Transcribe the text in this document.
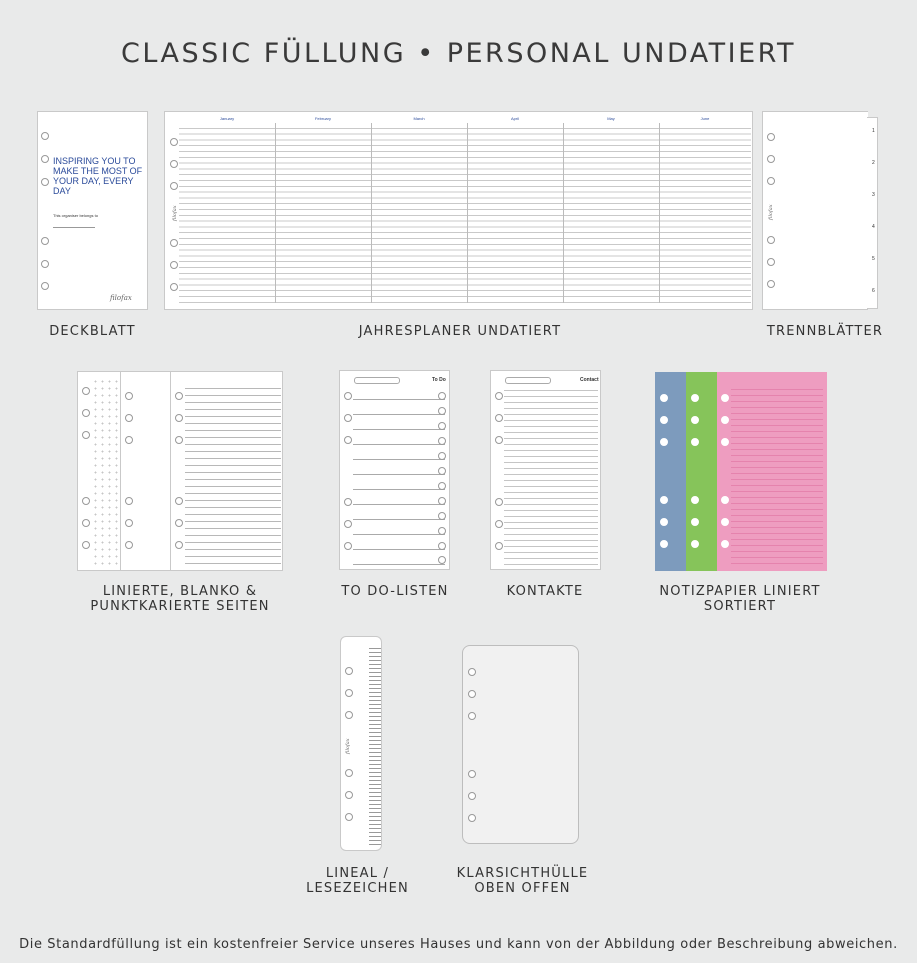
CLASSIC FÜLLUNG • PERSONAL UNDATIERT
INSPIRING YOU TO MAKE THE MOST OF YOUR DAY, EVERY DAY
This organiser belongs to
filofax
filofax
January	February	March	April	May	June
filofax
1
2
3
4
5
6
DECKBLATT	JAHRESPLANER UNDATIERT	TRENNBLÄTTER
To Do	Contact
LINIERTE, BLANKO &
PUNKTKARIERTE SEITEN
TO DO-LISTEN	KONTAKTE	NOTIZPAPIER LINIERT
SORTIERT
filofax
LINEAL /
LESEZEICHEN
KLARSICHTHÜLLE
OBEN OFFEN
Die Standardfüllung ist ein kostenfreier Service unseres Hauses und kann von der Abbildung oder Beschreibung abweichen.
